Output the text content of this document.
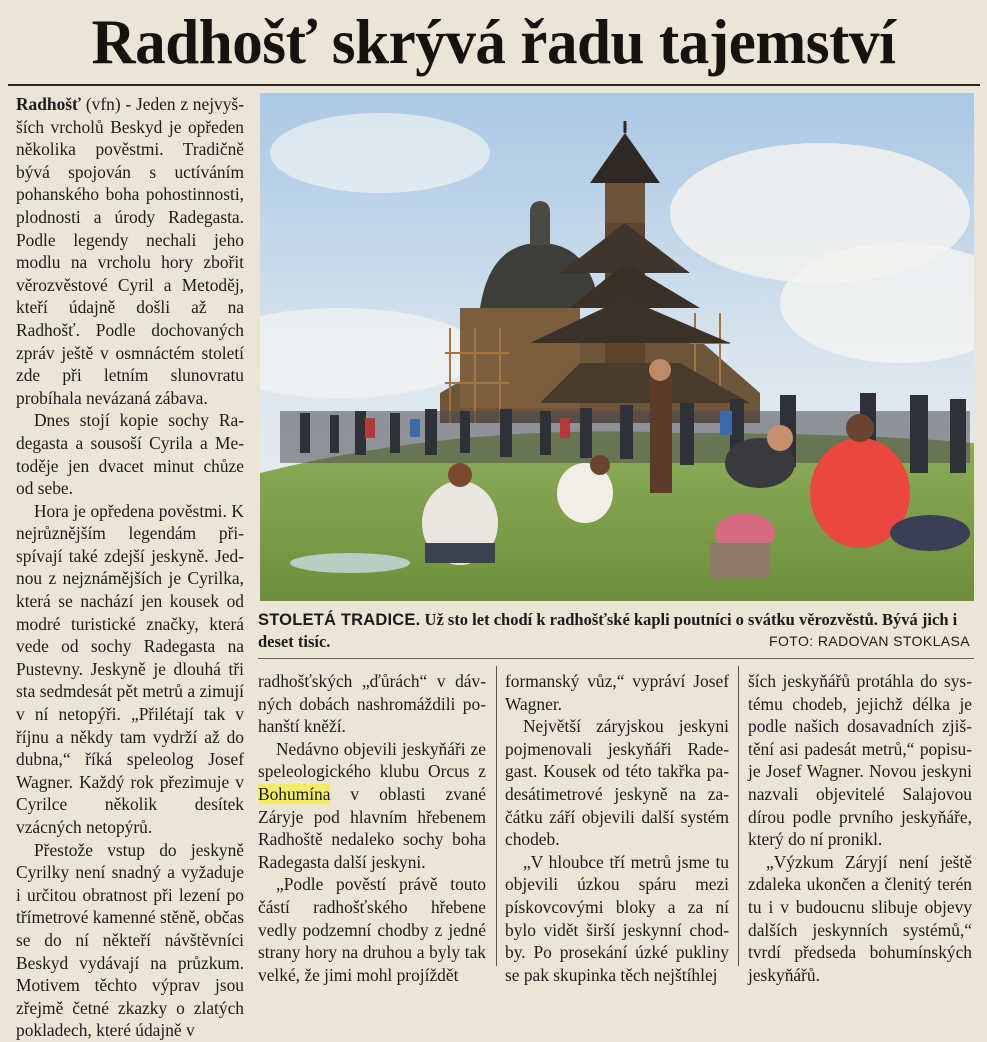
Radhošť skrývá řadu tajemství

Radhošť (vfn) - Jeden z nejvyšších vrcholů Beskyd je opředen několika pověstmi. Tradičně bývá spojován s uctíváním pohanského boha pohostinnosti, plodnosti a úrody Radegasta. Podle legendy nechali jeho modlu na vrcholu hory zbořit věrozvěstové Cyril a Metoděj, kteří údajně došli až na Radhošť. Podle dochovaných zpráv ještě v osmnáctém století zde při letním slunovratu probíhala nevázaná zábava.

Dnes stojí kopie sochy Radegasta a sousoší Cyrila a Metoděje jen dvacet minut chůze od sebe.

Hora je opředena pověstmi. K nejrůznějším legendám přispívají také zdejší jeskyně. Jednou z nejznámějších je Cyrilka, která se nachází jen kousek od modré turistické značky, která vede od sochy Radegasta na Pustevny. Jeskyně je dlouhá tři sta sedmdesát pět metrů a zimují v ní netopýři. „Přilétají tak v říjnu a někdy tam vydrží až do dubna,“ říká speleolog Josef Wagner. Každý rok přezimuje v Cyrilce několik desítek vzácných netopýrů.

Přestože vstup do jeskyně Cyrilky není snadný a vyžaduje i určitou obratnost při lezení po třímetrové kamenné stěně, občas se do ní někteří návštěvníci Beskyd vydávají na průzkum. Motivem těchto výprav jsou zřejmě četné zkazky o zlatých pokladech, které údajně v

STOLETÁ TRADICE. Už sto let chodí k radhošťské kapli poutníci o svátku věrozvěstů. Bývá jich i deset tisíc.	FOTO: RADOVAN STOKLASA

radhošťských „ďůrách“ v dávných dobách nashromáždili pohanští kněží.

Nedávno objevili jeskyňáři ze speleologického klubu Orcus z Bohumína v oblasti zvané Záryje pod hlavním hřebenem Radhoště nedaleko sochy boha Radegasta další jeskyni.

„Podle pověstí právě touto částí radhošťského hřebene vedly podzemní chodby z jedné strany hory na druhou a byly tak velké, že jimi mohl projíždět

formanský vůz,“ vypráví Josef Wagner.

Největší záryjskou jeskyni pojmenovali jeskyňáři Radegast. Kousek od této takřka padesátimetrové jeskyně na začátku září objevili další systém chodeb.

„V hloubce tří metrů jsme tu objevili úzkou spáru mezi pískovcovými bloky a za ní bylo vidět širší jeskynní chodby. Po prosekání úzké pukliny se pak skupinka těch nejštíhlej

ších jeskyňářů protáhla do systému chodeb, jejichž délka je podle našich dosavadních zjištění asi padesát metrů,“ popisuje Josef Wagner. Novou jeskyni nazvali objevitelé Salajovou dírou podle prvního jeskyňáře, který do ní pronikl.

„Výzkum Záryjí není ještě zdaleka ukončen a členitý terén tu i v budoucnu slibuje objevy dalších jeskynních systémů,“ tvrdí předseda bohumínských jeskyňářů.
